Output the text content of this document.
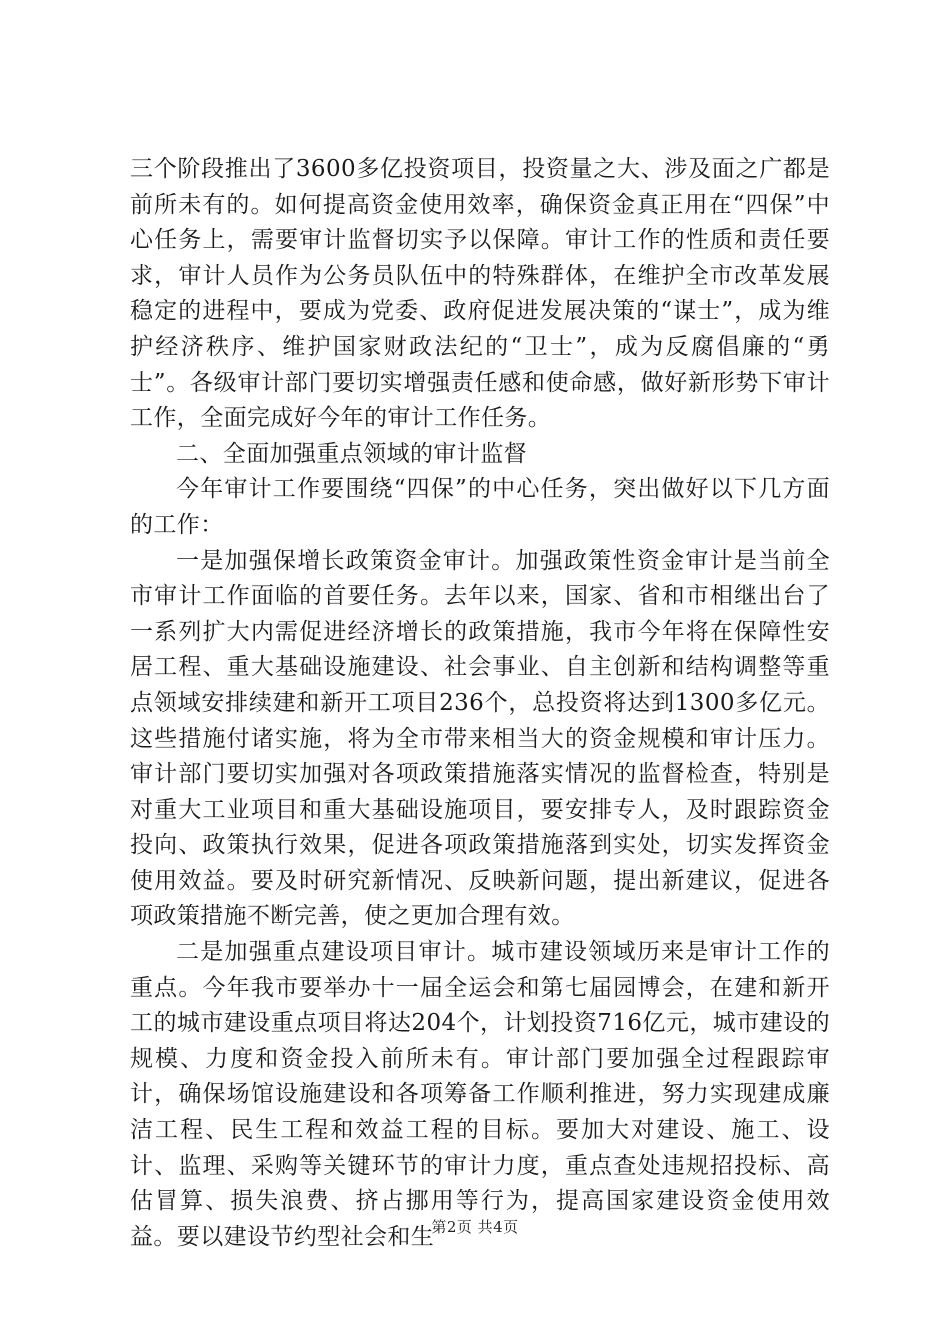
三个阶段推出了3600多亿投资项目，投资量之大、涉及面之广都是前所未有的。如何提高资金使用效率，确保资金真正用在“四保”中心任务上，需要审计监督切实予以保障。审计工作的性质和责任要求，审计人员作为公务员队伍中的特殊群体，在维护全市改革发展稳定的进程中，要成为党委、政府促进发展决策的“谋士”，成为维护经济秩序、维护国家财政法纪的“卫士”，成为反腐倡廉的“勇士”。各级审计部门要切实增强责任感和使命感，做好新形势下审计工作，全面完成好今年的审计工作任务。

二、全面加强重点领域的审计监督

今年审计工作要围绕“四保”的中心任务，突出做好以下几方面的工作：

一是加强保增长政策资金审计。加强政策性资金审计是当前全市审计工作面临的首要任务。去年以来，国家、省和市相继出台了一系列扩大内需促进经济增长的政策措施，我市今年将在保障性安居工程、重大基础设施建设、社会事业、自主创新和结构调整等重点领域安排续建和新开工项目236个，总投资将达到1300多亿元。这些措施付诸实施，将为全市带来相当大的资金规模和审计压力。审计部门要切实加强对各项政策措施落实情况的监督检查，特别是对重大工业项目和重大基础设施项目，要安排专人，及时跟踪资金投向、政策执行效果，促进各项政策措施落到实处，切实发挥资金使用效益。要及时研究新情况、反映新问题，提出新建议，促进各项政策措施不断完善，使之更加合理有效。

二是加强重点建设项目审计。城市建设领域历来是审计工作的重点。今年我市要举办十一届全运会和第七届园博会，在建和新开工的城市建设重点项目将达204个，计划投资716亿元，城市建设的规模、力度和资金投入前所未有。审计部门要加强全过程跟踪审计，确保场馆设施建设和各项筹备工作顺利推进，努力实现建成廉洁工程、民生工程和效益工程的目标。要加大对建设、施工、设计、监理、采购等关键环节的审计力度，重点查处违规招投标、高估冒算、损失浪费、挤占挪用等行为，提高国家建设资金使用效益。要以建设节约型社会和生

第2页 共4页
